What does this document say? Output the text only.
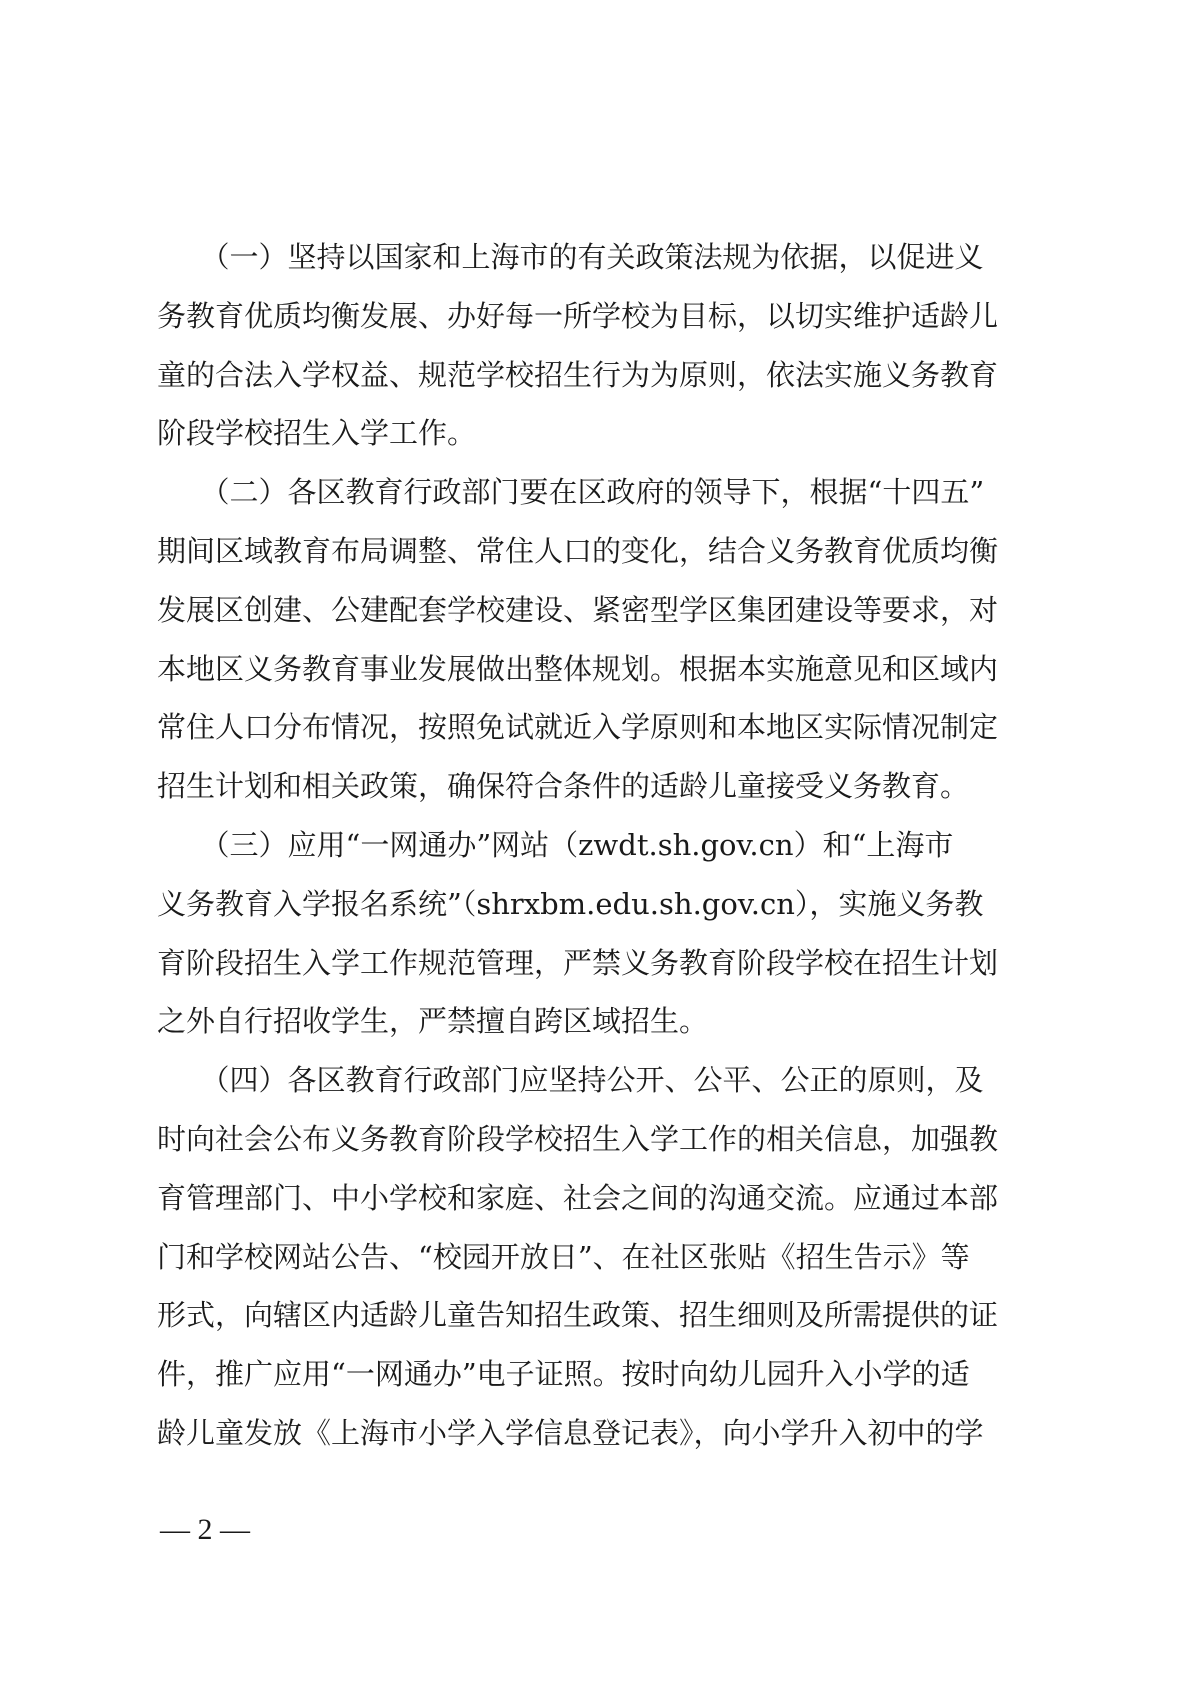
　　（一）坚持以国家和上海市的有关政策法规为依据，以促进义
务教育优质均衡发展、办好每一所学校为目标，以切实维护适龄儿
童的合法入学权益、规范学校招生行为为原则，依法实施义务教育
阶段学校招生入学工作。
　　（二）各区教育行政部门要在区政府的领导下，根据“十四五”
期间区域教育布局调整、常住人口的变化，结合义务教育优质均衡
发展区创建、公建配套学校建设、紧密型学区集团建设等要求，对
本地区义务教育事业发展做出整体规划。根据本实施意见和区域内
常住人口分布情况，按照免试就近入学原则和本地区实际情况制定
招生计划和相关政策，确保符合条件的适龄儿童接受义务教育。
　　（三）应用“一网通办”网站（zwdt.sh.gov.cn）和“上海市
义务教育入学报名系统”（shrxbm.edu.sh.gov.cn），实施义务教
育阶段招生入学工作规范管理，严禁义务教育阶段学校在招生计划
之外自行招收学生，严禁擅自跨区域招生。
　　（四）各区教育行政部门应坚持公开、公平、公正的原则，及
时向社会公布义务教育阶段学校招生入学工作的相关信息，加强教
育管理部门、中小学校和家庭、社会之间的沟通交流。应通过本部
门和学校网站公告、“校园开放日”、在社区张贴《招生告示》等
形式，向辖区内适龄儿童告知招生政策、招生细则及所需提供的证
件，推广应用“一网通办”电子证照。按时向幼儿园升入小学的适
龄儿童发放《上海市小学入学信息登记表》，向小学升入初中的学
— 2 —
